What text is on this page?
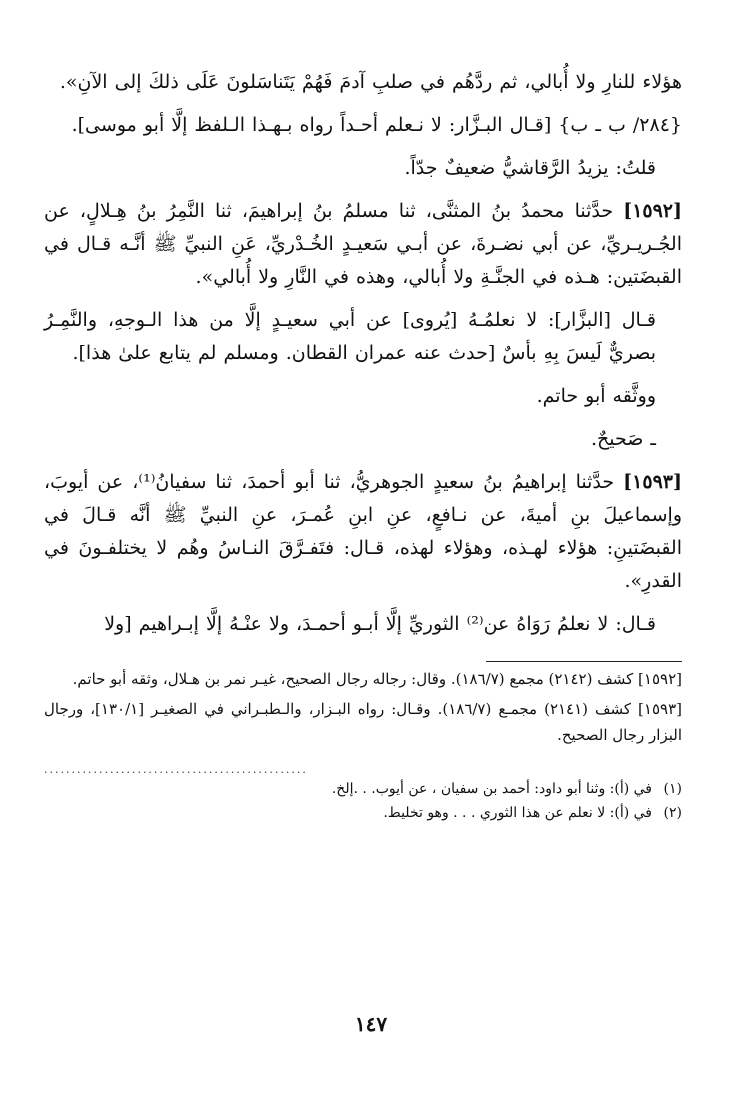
هؤلاء للنارِ ولا أُبالي، ثم ردَّهُم في صلبِ آدمَ فَهُمْ يَتَناسَلونَ عَلَى ذلكَ إلى الآنِ».

{٢٨٤/ ب ـ ب} [قـال البـزَّار: لا نـعلم أحـداً رواه بـهـذا الـلفظ إلَّا أبو موسى].

قلتُ: يزيدُ الرَّقاشيُّ ضعيفٌ جدّاً.

[١٥٩٢] حدَّثنا محمدُ بنُ المثنَّى، ثنا مسلمُ بنُ إبراهيمَ، ثنا النَّمِرُ بنُ هِـلالٍ، عن الجُـريـريِّ، عن أبي نضـرةَ، عن أبـي سَعيـدٍ الخُـدْريِّ، عَنِ النبيِّ ﷺ أنَّـه قـال في القبضَتين: هـذه في الجنَّـةِ ولا أُبالي، وهذه في النَّارِ ولا أُبالي».

قـال [البزَّار]: لا نعلمُـهُ [يُروى] عن أبي سعيـدٍ إلَّا من هذا الـوجهِ، والنَّمِـرُ بصريٌّ لَيسَ بِهِ بأسٌ [حدث عنه عمران القطان. ومسلم لم يتابع علىٰ هذا].

ووثَّقه أبو حاتم.

ـ صَحيحٌ.

[١٥٩٣] حدَّثنا إبراهيمُ بنُ سعيدٍ الجوهريُّ، ثنا أبو أحمدَ، ثنا سفيانُ⁽¹⁾، عن أيوبَ، وإسماعيلَ بنِ أميةَ، عن نـافعٍ، عنِ ابنِ عُمـرَ، عنِ النبيِّ ﷺ أنَّه قـالَ في القبضَتينِ: هؤلاء لهـذه، وهؤلاء لهذه، قـال: فتَفـرَّقَ النـاسُ وهُم لا يختلفـونَ في القدرِ».

قـال: لا نعلمُ رَوَاهُ عن⁽²⁾ الثوريِّ إلَّا أبـو أحمـدَ، ولا عنْـهُ إلَّا إبـراهيم [ولا

[١٥٩٢] كشف (٢١٤٢) مجمع (١٨٦/٧). وقال: رجاله رجال الصحيح، غيـر نمر بن هـلال، وثقه أبو حاتم.

[١٥٩٣] كشف (٢١٤١) مجمـع (١٨٦/٧). وقـال: رواه البـزار، والـطبـراني في الصغيـر [١٣٠/١]، ورجال البزار رجال الصحيح.

................................................

(١)في (أ): وثنا أبو داود: أحمد بن سفيان ، عن أيوب. . .إلخ.

(٢)في (أ): لا نعلم عن هذا الثوري . . . وهو تخليط.

١٤٧
